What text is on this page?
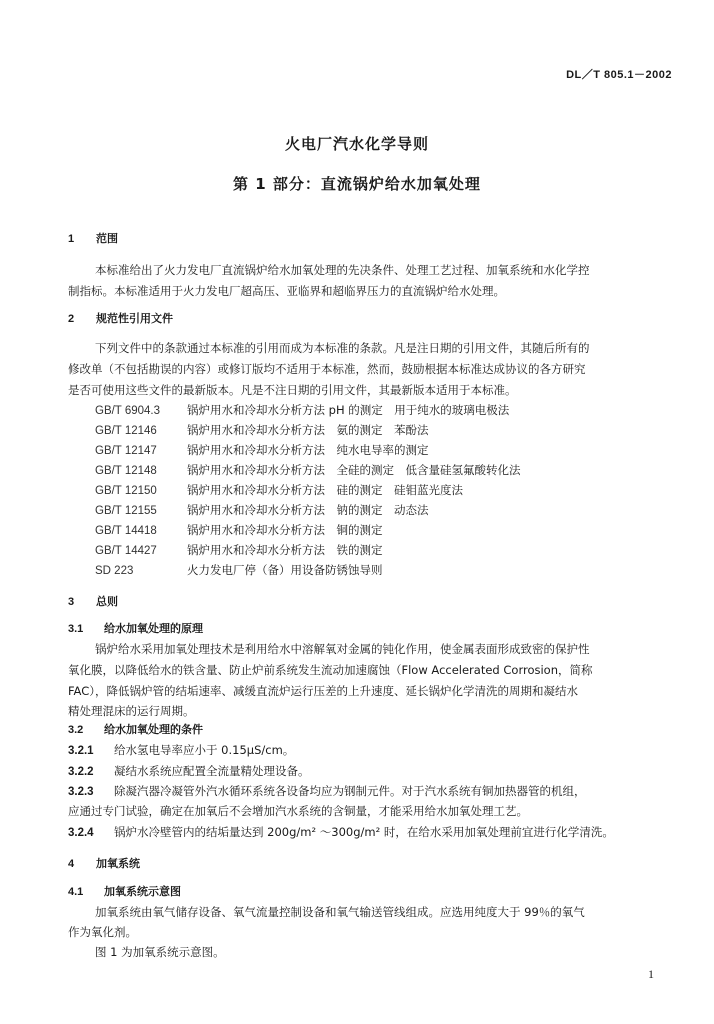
DL／T 805.1－2002
火电厂汽水化学导则
第 1 部分：直流锅炉给水加氧处理
1 范围
本标准给出了火力发电厂直流锅炉给水加氧处理的先决条件、处理工艺过程、加氧系统和水化学控
制指标。本标准适用于火力发电厂超高压、亚临界和超临界压力的直流锅炉给水处理。
2 规范性引用文件
下列文件中的条款通过本标准的引用而成为本标准的条款。凡是注日期的引用文件，其随后所有的
修改单（不包括勘误的内容）或修订版均不适用于本标准，然而，鼓励根据本标准达成协议的各方研究
是否可使用这些文件的最新版本。凡是不注日期的引用文件，其最新版本适用于本标准。
GB/T 6904.3 锅炉用水和冷却水分析方法 pH 的测定　用于纯水的玻璃电极法
GB/T 12146	锅炉用水和冷却水分析方法　氨的测定　苯酚法
GB/T 12147	锅炉用水和冷却水分析方法　纯水电导率的测定
GB/T 12148	锅炉用水和冷却水分析方法　全硅的测定　低含量硅氢氟酸转化法
GB/T 12150	锅炉用水和冷却水分析方法　硅的测定　硅钼蓝光度法
GB/T 12155	锅炉用水和冷却水分析方法　钠的测定　动态法
GB/T 14418	锅炉用水和冷却水分析方法　铜的测定
GB/T 14427	锅炉用水和冷却水分析方法　铁的测定
SD 223	火力发电厂停（备）用设备防锈蚀导则
3 总则
3.1 给水加氧处理的原理
锅炉给水采用加氧处理技术是利用给水中溶解氧对金属的钝化作用，使金属表面形成致密的保护性
氧化膜，以降低给水的铁含量、防止炉前系统发生流动加速腐蚀（Flow Accelerated Corrosion，简称
FAC），降低锅炉管的结垢速率、减缓直流炉运行压差的上升速度、延长锅炉化学清洗的周期和凝结水
精处理混床的运行周期。
3.2 给水加氧处理的条件
3.2.1 给水氢电导率应小于 0.15μS/cm。
3.2.2 凝结水系统应配置全流量精处理设备。
3.2.3 除凝汽器冷凝管外汽水循环系统各设备均应为钢制元件。对于汽水系统有铜加热器管的机组，
应通过专门试验，确定在加氧后不会增加汽水系统的含铜量，才能采用给水加氧处理工艺。
3.2.4 锅炉水冷壁管内的结垢量达到 200g/m² ～300g/m² 时，在给水采用加氧处理前宜进行化学清洗。
4 加氧系统
4.1 加氧系统示意图
加氧系统由氧气储存设备、氧气流量控制设备和氧气输送管线组成。应选用纯度大于 99％的氧气
作为氧化剂。
图 1 为加氧系统示意图。
1
